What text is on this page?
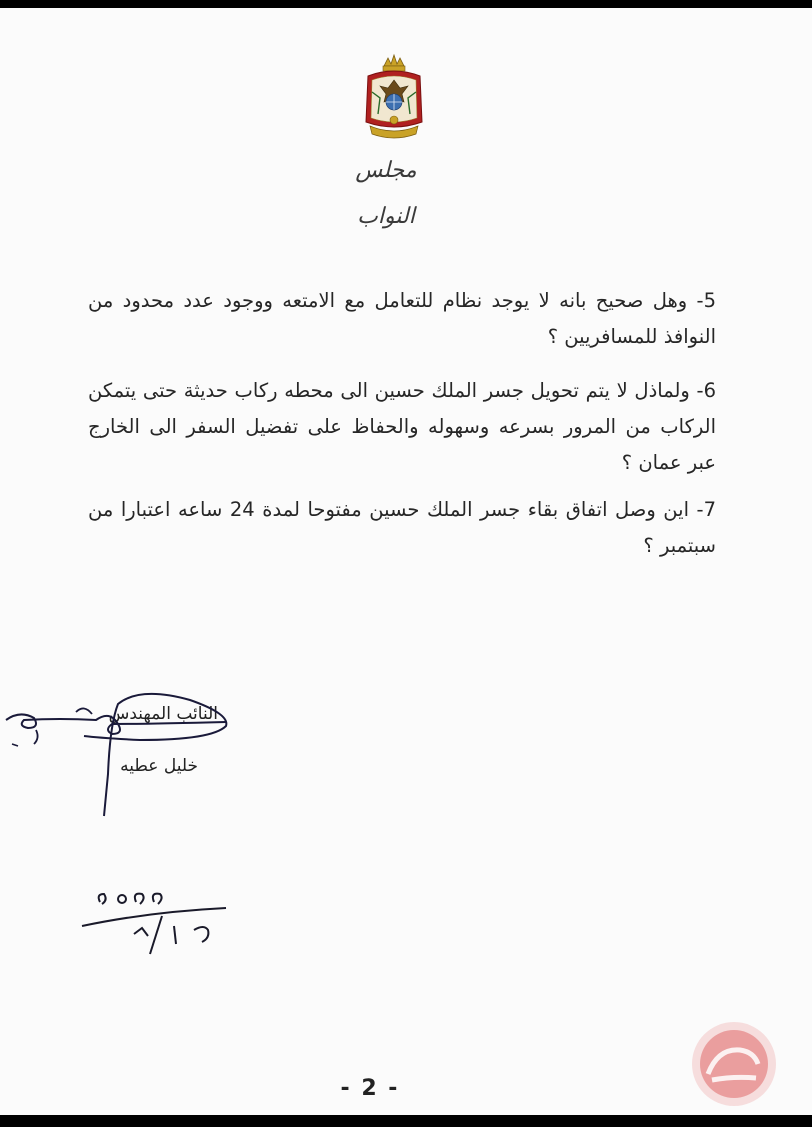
مجلس النواب
5- وهل صحيح بانه لا يوجد نظام للتعامل مع الامتعه ووجود عدد محدود من النوافذ للمسافريين ؟
6- ولماذل لا يتم تحويل جسر الملك حسين الى محطه ركاب حديثة حتى يتمكن الركاب من المرور بسرعه وسهوله والحفاظ على تفضيل السفر الى الخارج عبر عمان ؟
7- اين وصل اتفاق بقاء جسر الملك حسين مفتوحا لمدة 24 ساعه اعتبارا من سبتمبر ؟
النائب المهندس
خليل عطيه
- 2 -
